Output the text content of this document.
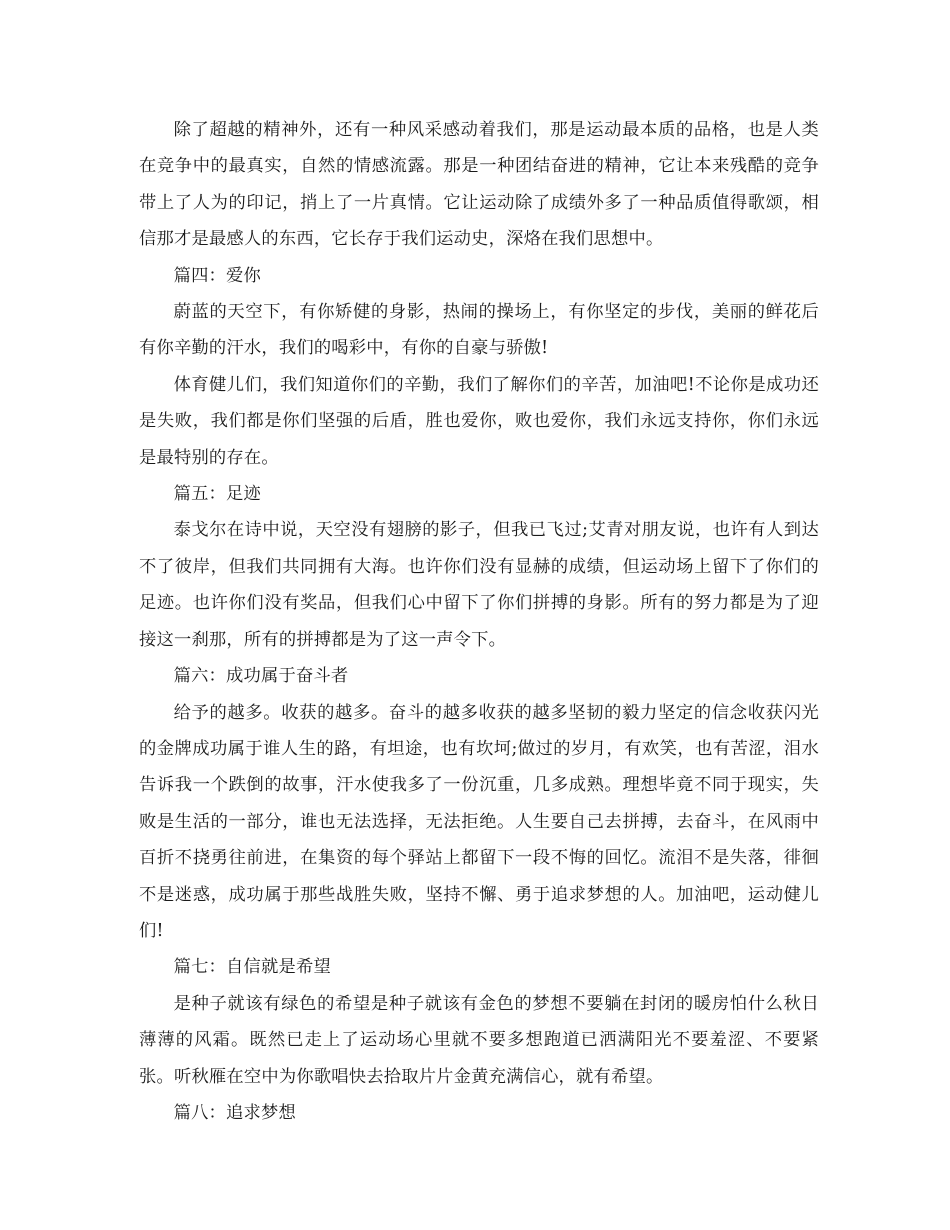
除了超越的精神外，还有一种风采感动着我们，那是运动最本质的品格，也是人类在竞争中的最真实，自然的情感流露。那是一种团结奋进的精神，它让本来残酷的竞争带上了人为的印记，捎上了一片真情。它让运动除了成绩外多了一种品质值得歌颂，相信那才是最感人的东西，它长存于我们运动史，深烙在我们思想中。

篇四：爱你

蔚蓝的天空下，有你矫健的身影，热闹的操场上，有你坚定的步伐，美丽的鲜花后有你辛勤的汗水，我们的喝彩中，有你的自豪与骄傲!

体育健儿们，我们知道你们的辛勤，我们了解你们的辛苦，加油吧!不论你是成功还是失败，我们都是你们坚强的后盾，胜也爱你，败也爱你，我们永远支持你，你们永远是最特别的存在。

篇五：足迹

泰戈尔在诗中说，天空没有翅膀的影子，但我已飞过;艾青对朋友说，也许有人到达不了彼岸，但我们共同拥有大海。也许你们没有显赫的成绩，但运动场上留下了你们的足迹。也许你们没有奖品，但我们心中留下了你们拼搏的身影。所有的努力都是为了迎接这一刹那，所有的拼搏都是为了这一声令下。

篇六：成功属于奋斗者

给予的越多。收获的越多。奋斗的越多收获的越多坚韧的毅力坚定的信念收获闪光的金牌成功属于谁人生的路，有坦途，也有坎坷;做过的岁月，有欢笑，也有苦涩，泪水告诉我一个跌倒的故事，汗水使我多了一份沉重，几多成熟。理想毕竟不同于现实，失败是生活的一部分，谁也无法选择，无法拒绝。人生要自己去拼搏，去奋斗，在风雨中百折不挠勇往前进，在集资的每个驿站上都留下一段不悔的回忆。流泪不是失落，徘徊不是迷惑，成功属于那些战胜失败，坚持不懈、勇于追求梦想的人。加油吧，运动健儿们!

篇七：自信就是希望

是种子就该有绿色的希望是种子就该有金色的梦想不要躺在封闭的暖房怕什么秋日薄薄的风霜。既然已走上了运动场心里就不要多想跑道已洒满阳光不要羞涩、不要紧张。听秋雁在空中为你歌唱快去拾取片片金黄充满信心，就有希望。

篇八：追求梦想
